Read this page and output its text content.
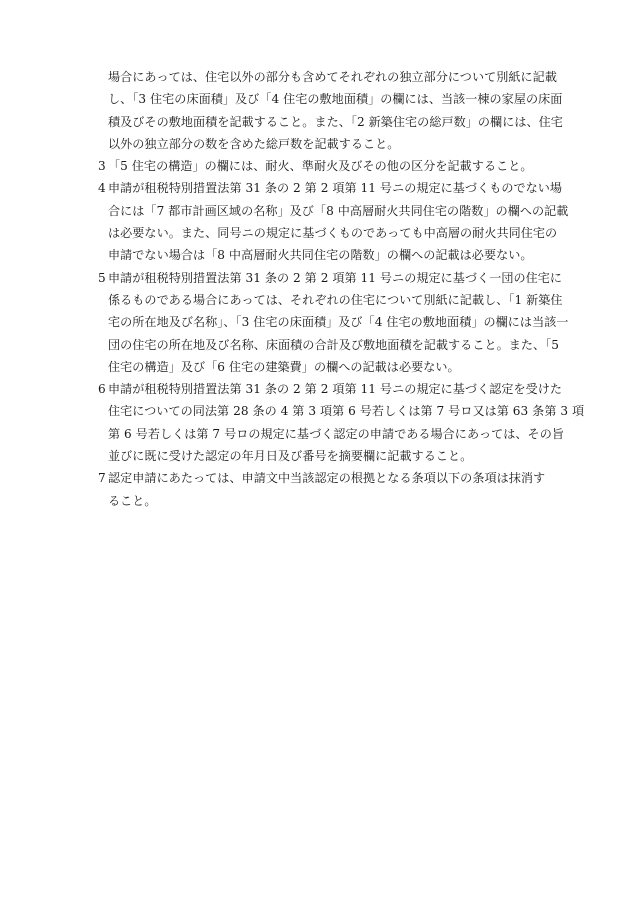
場合にあっては、住宅以外の部分も含めてそれぞれの独立部分について別紙に記載

し、「3 住宅の床面積」及び「4 住宅の敷地面積」の欄には、当該一棟の家屋の床面

積及びその敷地面積を記載すること。また、「2 新築住宅の総戸数」の欄には、住宅

以外の独立部分の数を含めた総戸数を記載すること。

3 「5 住宅の構造」の欄には、耐火、準耐火及びその他の区分を記載すること。
4 申請が租税特別措置法第 31 条の 2 第 2 項第 11 号ニの規定に基づくものでない場
合には「7 都市計画区域の名称」及び「8 中高層耐火共同住宅の階数」の欄への記載
は必要ない。また、同号ニの規定に基づくものであっても中高層の耐火共同住宅の
申請でない場合は「8 中高層耐火共同住宅の階数」の欄への記載は必要ない。
5 申請が租税特別措置法第 31 条の 2 第 2 項第 11 号ニの規定に基づく一団の住宅に
係るものである場合にあっては、それぞれの住宅について別紙に記載し、「1 新築住
宅の所在地及び名称」、「3 住宅の床面積」及び「4 住宅の敷地面積」の欄には当該一
団の住宅の所在地及び名称、床面積の合計及び敷地面積を記載すること。また、「5
住宅の構造」及び「6 住宅の建築費」の欄への記載は必要ない。
6 申請が租税特別措置法第 31 条の 2 第 2 項第 11 号ニの規定に基づく認定を受けた
住宅についての同法第 28 条の 4 第 3 項第 6 号若しくは第 7 号ロ又は第 63 条第 3 項
第 6 号若しくは第 7 号ロの規定に基づく認定の申請である場合にあっては、その旨
並びに既に受けた認定の年月日及び番号を摘要欄に記載すること。
7 認定申請にあたっては、申請文中当該認定の根拠となる条項以下の条項は抹消す
ること。
